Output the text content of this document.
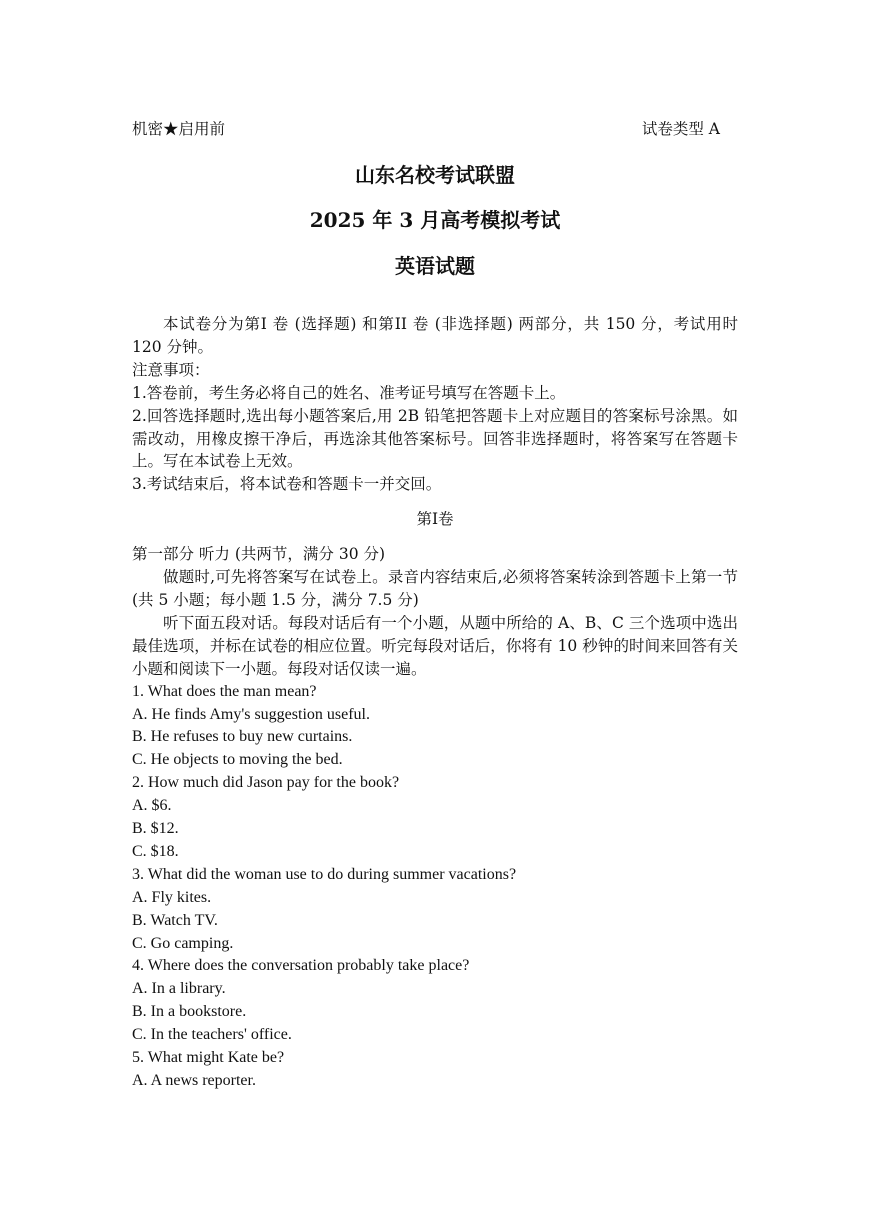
机密★启用前	试卷类型 A
山东名校考试联盟
2025 年 3 月高考模拟考试
英语试题

本试卷分为第I 卷 (选择题) 和第II 卷 (非选择题) 两部分，共 150 分，考试用时 120 分钟。

注意事项：

1.答卷前，考生务必将自己的姓名、准考证号填写在答题卡上。

2.回答选择题时,选出每小题答案后,用 2B 铅笔把答题卡上对应题目的答案标号涂黑。如需改动，用橡皮擦干净后，再选涂其他答案标号。回答非选择题时，将答案写在答题卡上。写在本试卷上无效。

3.考试结束后，将本试卷和答题卡一并交回。

第I卷

第一部分 听力 (共两节，满分 30 分)

做题时,可先将答案写在试卷上。录音内容结束后,必须将答案转涂到答题卡上第一节 (共 5 小题；每小题 1.5 分，满分 7.5 分)

听下面五段对话。每段对话后有一个小题，从题中所给的 A、B、C 三个选项中选出最佳选项，并标在试卷的相应位置。听完每段对话后，你将有 10 秒钟的时间来回答有关小题和阅读下一小题。每段对话仅读一遍。

1. What does the man mean?

A. He finds Amy's suggestion useful.

B. He refuses to buy new curtains.

C. He objects to moving the bed.

2. How much did Jason pay for the book?

A. $6.

B. $12.

C. $18.

3. What did the woman use to do during summer vacations?

A. Fly kites.

B. Watch TV.

C. Go camping.

4. Where does the conversation probably take place?

A. In a library.

B. In a bookstore.

C. In the teachers' office.

5. What might Kate be?

A. A news reporter.
